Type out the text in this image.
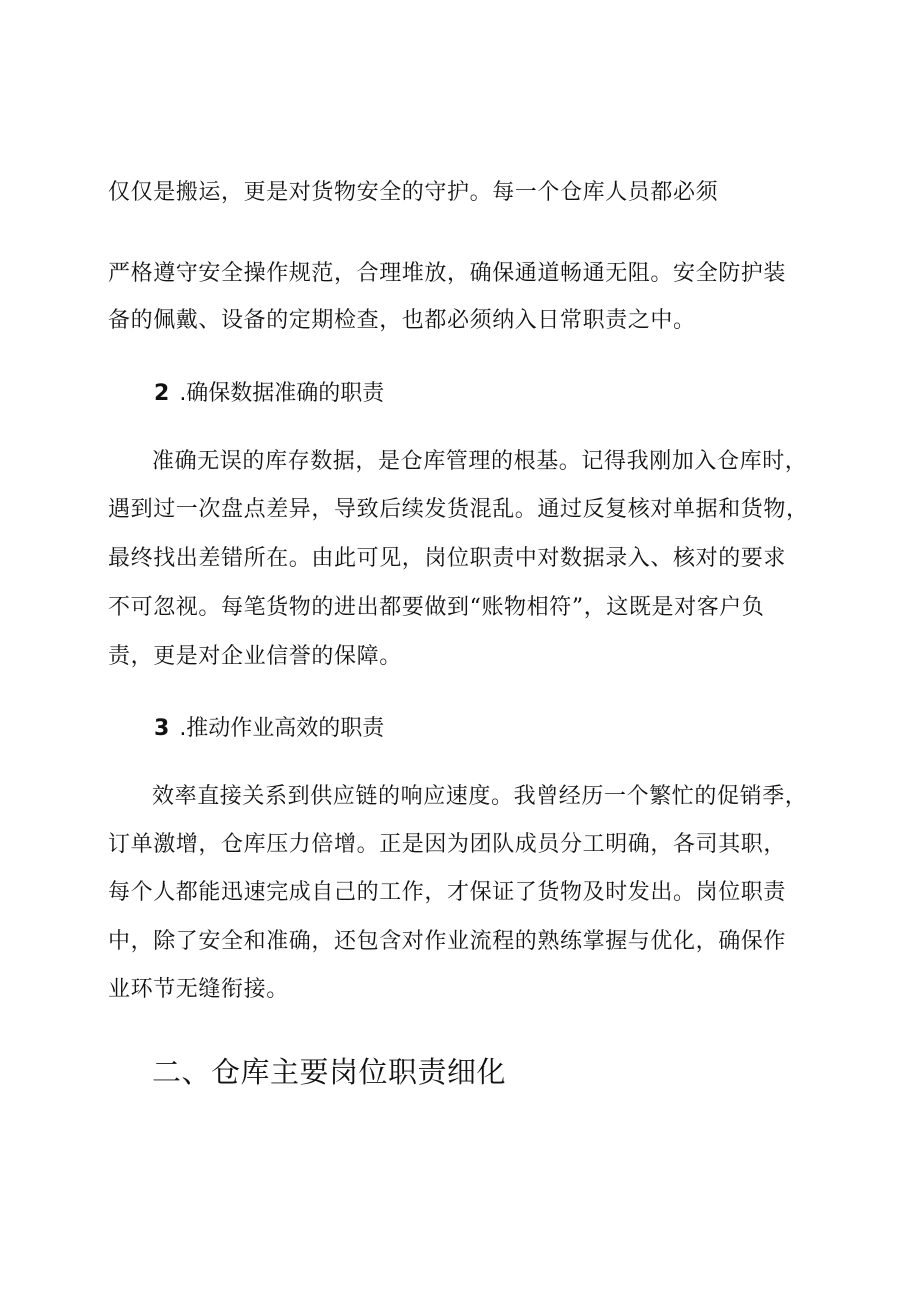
仅仅是搬运，更是对货物安全的守护。每一个仓库人员都必须
严格遵守安全操作规范，合理堆放，确保通道畅通无阻。安全防护装
备的佩戴、设备的定期检查，也都必须纳入日常职责之中。
2 .确保数据准确的职责
准确无误的库存数据，是仓库管理的根基。记得我刚加入仓库时，
遇到过一次盘点差异，导致后续发货混乱。通过反复核对单据和货物，
最终找出差错所在。由此可见，岗位职责中对数据录入、核对的要求
不可忽视。每笔货物的进出都要做到“账物相符”，这既是对客户负
责，更是对企业信誉的保障。
3 .推动作业高效的职责
效率直接关系到供应链的响应速度。我曾经历一个繁忙的促销季，
订单激增，仓库压力倍增。正是因为团队成员分工明确，各司其职，
每个人都能迅速完成自己的工作，才保证了货物及时发出。岗位职责
中，除了安全和准确，还包含对作业流程的熟练掌握与优化，确保作
业环节无缝衔接。
二、仓库主要岗位职责细化
